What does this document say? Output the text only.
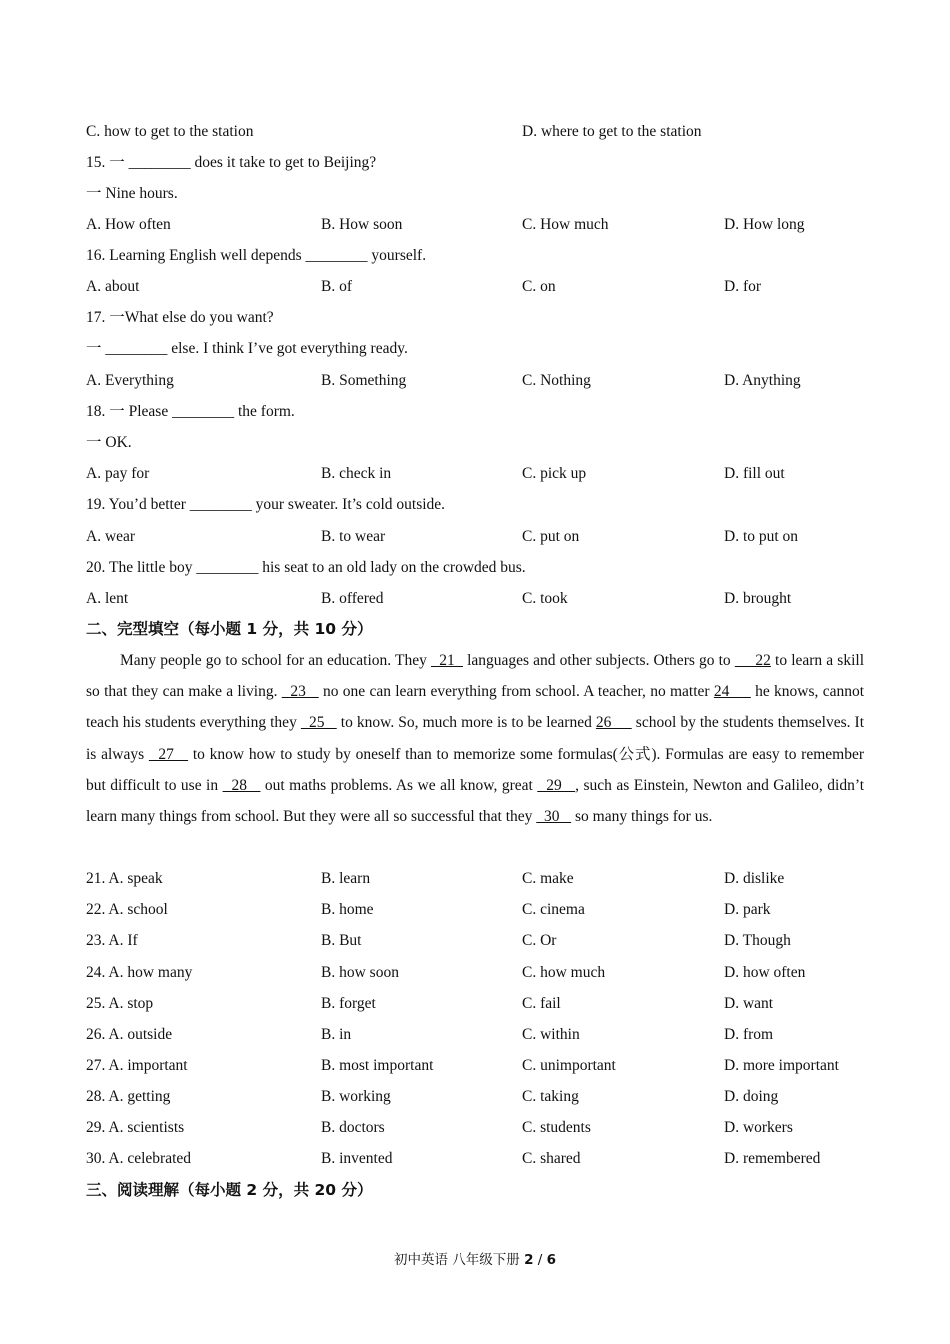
C. how to get to the station	D. where to get to the station
15. 一 ________ does it take to get to Beijing?
一 Nine hours.
A. How often	B. How soon	C. How much	D. How long
16. Learning English well depends ________ yourself.
A. about	B. of	C. on	D. for
17. 一What else do you want?
一 ________ else. I think I’ve got everything ready.
A. Everything	B. Something	C. Nothing	D. Anything
18. 一 Please ________ the form.
一 OK.
A. pay for	B. check in	C. pick up	D. fill out
19. You’d better ________ your sweater. It’s cold outside.
A. wear	B. to wear	C. put on	D. to put on
20. The little boy ________ his seat to an old lady on the crowded bus.
A. lent	B. offered	C. took	D. brought
二、完型填空（每小题 1 分，共 10 分）
Many people go to school for an education. They   21   languages and other subjects. Others go to      22 to learn a skill so that they can make a living.   23    no one can learn everything from school. A teacher, no matter 24      he knows, cannot teach his students everything they   25    to know. So, much more is to be learned 26      school by the students themselves. It is always   27    to know how to study by oneself than to memorize some formulas(公式). Formulas are easy to remember but difficult to use in   28    out maths problems. As we all know, great   29   , such as Einstein, Newton and Galileo, didn’t learn many things from school. But they were all so successful that they   30    so many things for us.
21. A. speak	B. learn	C. make	D. dislike
22. A. school	B. home	C. cinema	D. park
23. A. If	B. But	C. Or	D. Though
24. A. how many	B. how soon	C. how much	D. how often
25. A. stop	B. forget	C. fail	D. want
26. A. outside	B. in	C. within	D. from
27. A. important	B. most important	C. unimportant	D. more important
28. A. getting	B. working	C. taking	D. doing
29. A. scientists	B. doctors	C. students	D. workers
30. A. celebrated	B. invented	C. shared	D. remembered
三、阅读理解（每小题 2 分，共 20 分）
初中英语 八年级下册 2 / 6
